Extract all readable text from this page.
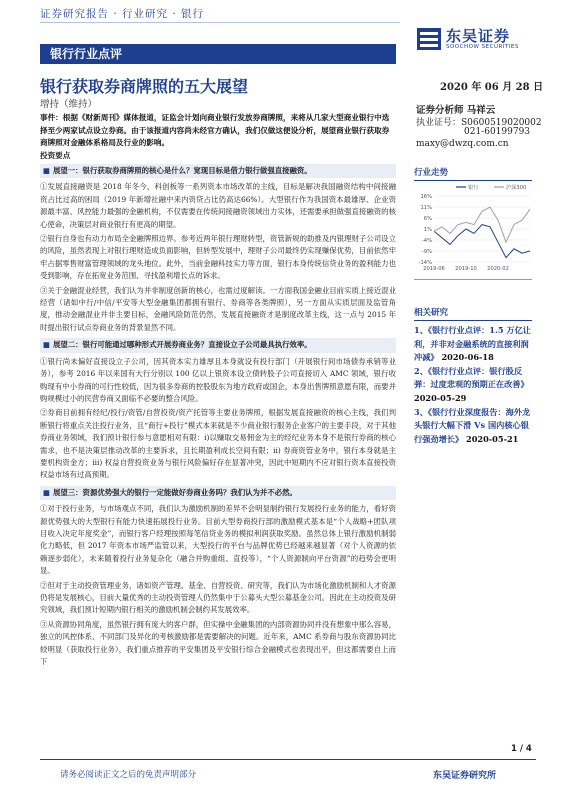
证券研究报告 · 行业研究 · 银行
银行行业点评
东吴证券
SOOCHOW SECURITIES
银行获取券商牌照的五大展望	2020 年 06 月 28 日
增持（维持）
证券分析师 马祥云
执业证号：S0600519020002
021-60199793
maxy@dwzq.com.cn
事件：根据《财新周刊》媒体报道，证监会计划向商业银行发放券商牌照，来将从几家大型商业银行中选择至少两家试点设立券商。由于该报道内容尚未经官方确认，我们仅做这便设分析，展望商业银行获取券商牌照对金融体系格局及行业的影响。
投资要点
■ 展望一：银行获取券商牌照的核心是什么？宽现目标是借力银行做强直接融资。

①发展直接融资是 2018 年冬今，科创板等一系列资本市场改革的主线，目标是解决我国融资结构中间接融资占比过高的困局（2019 年新增社融中来内资贷占比仍高达66%）。大型银行作为我国资本最雄厚、企业资源最丰富、风控能力最强的金融机构，不仅需要在传统间接融资领域出力实体，还需要承担做强直接融资的核心使命，决策层对商业银行有更高的期望。

②银行自身也有动力布局全金融牌照边界。参考近两年银行理财转型，资管新规的助推及内银理财子公司设立的风险，虽然表现上对银行理财造成负面影响，但转型发展中，理财子公司最终仍实现赚保优势，目前依然牢牢占据零售财富管理领域的龙头地位。此外，当前金融科技实力等方面，银行本身传统信贷业务的盈利能力也受到影响，存在拓宽业务范围、寻找盈利增长点的诉求。

③关于金融混业经营，我们认为并非制度创新的核心，也需过度解读。一方面我国金融业目前实质上接近混业经营（诸如中行/中信/平安等大型金融集团都拥有银行、券商等各类牌照），另一方面从实质层面及监管角度，推动金融混业并非主要目标，金融风险防范仍然，发展直接融资才是制度改革主线，这一点与 2015 年时提出银行试点券商业务的背景显然不同。

■ 展望二：银行可能通过哪种形式开展券商业务？直接设立子公司最具执行效率。

①银行尚未偏好直接设立子公司，因其资本实力雄厚且本身就设有投行部门（开展银行间市场债券承销等业务），参考 2016 年以来国有大行分别以 100 亿以上银资本设立债转股子公司直接切入 AMC 领域，银行收购现有中小券商的可行性较低，因为很多券商的控股股东为地方政府或国企，本身出售牌照意愿有限，而要并购规模过小的民营券商又面临不必要的整合风险。

②券商目前拥有经纪/投行/资管/自营投资/资产托管等主要业务牌照，根据发展直接融资的核心主线，我们判断银行将重点关注投行业务，且“商行+投行”模式本来就是不少商业银行服务企业客户的主要手段，对于其他券商业务领域，我们预计银行参与意愿相对有限：i)以赚取交易佣金为主的经纪业务本身不是银行券商的核心需求，也不是决策层推动改革的主要诉求，且长期盈利成长空间有限；ii) 券商资管业务中，银行本身就是主要机构资金方；iii) 权益自营投资业务与银行风险偏好存在显著冲突，因此中短期内不应对银行资本直接投资权益市场有过高预期。

■ 展望三：资源优势强大的银行一定能做好券商业务吗？我们认为并不必然。

①对于投行业务，与市场观点不同，我们认为激励机制的差异不会明显制约银行发展投行业务的能力，看好资源优势强大的大型银行有能力快速拓展投行业务。目前大型券商投行部的激励模式基本是“个人战略+团队项目收入决定年度奖金”，而银行客户经理按照每笔信贷业务的模拟利润获取奖励。虽然总体上银行激励机制弱化力略低，但 2017 年资本市场严监管以来，大型投行的平台与品牌优势已经越来越显著（对个人资源的依赖逐步弱化），未来随着投行业务复杂化（融合并购重组、直投等），“个人资源制向平台资源”的趋势会更明显。

②但对于主动投资管理业务，诸如资产管理、基金、自营投资、研究等，我们认为市场化激励机制和人才资源仍将是发展核心，目前大量优秀的主动投资管理人仍然集中于公募头大型公募基金公司。因此在主动投资及研究领域，我们预计短期内银行相关的激励机制会制约其发展效率。

③从资源协同角度，虽然银行拥有庞大的客户群，但实操中金融集团的内部资源协同并没有想象中那么容易，独立的风控体系、不同部门及异化的考核激励都是需要解决的问题。近年来，AMC 系券商与股东资源协同比较明显（获取投行业务），我们重点推荐的平安集团及平安银行综合金融模式也表现出平，但这都需要自上而下

行业走势
16%
11%
6%
1%
-4%
-9%
-14%
2019-06 2019-10 2020-02
银行	沪深300
相关研究
1、《银行行业点评：1.5 万亿让利，并非对金融系统的直接利润冲减》 2020-06-18
2、《银行行业点评：银行股反弹：过度悲观的预期正在改善》 2020-05-29
3、《银行行业深度报告：海外龙头银行大幅下滑 Vs 国内核心银行强劲增长》 2020-05-21
1 / 4
请务必阅读正文之后的免责声明部分	东吴证券研究所
